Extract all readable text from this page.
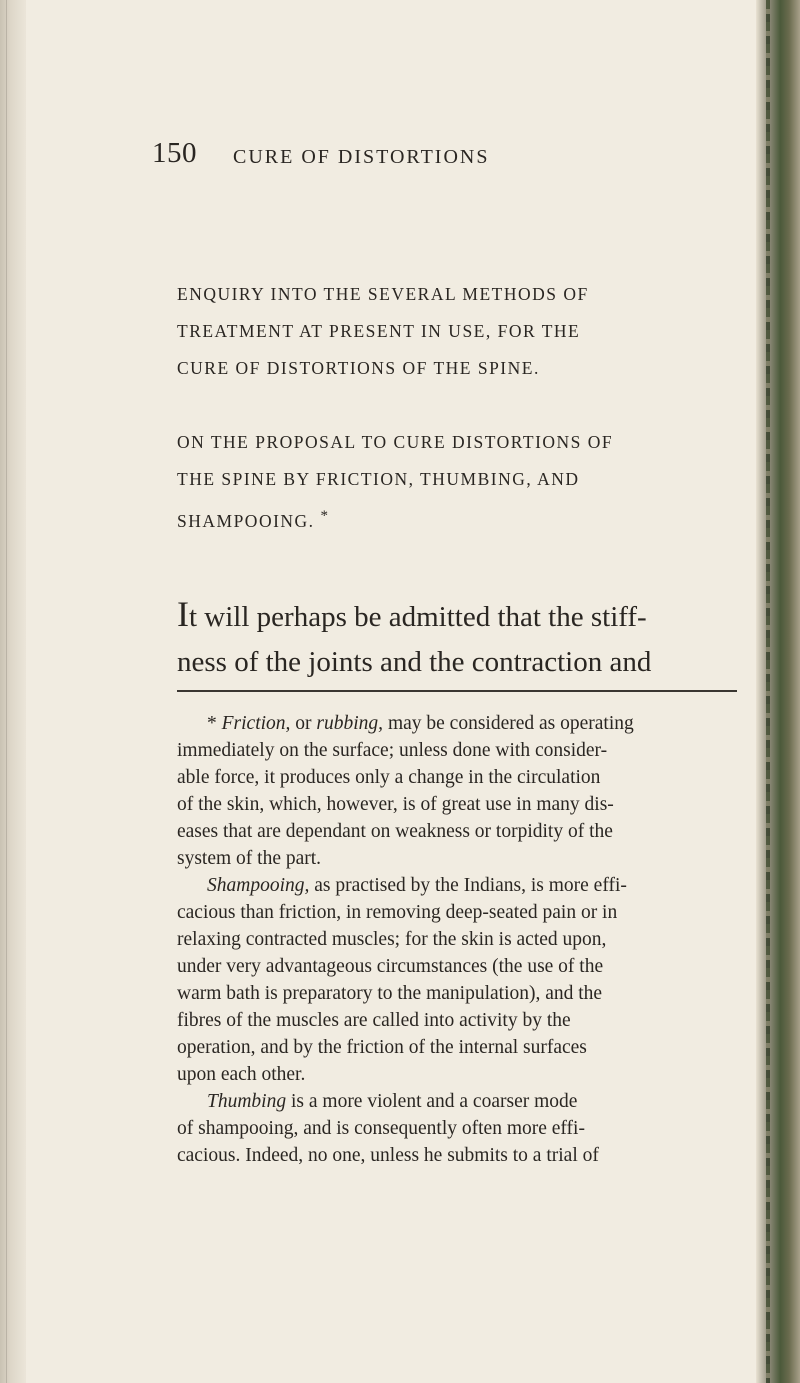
150 CURE OF DISTORTIONS
ENQUIRY INTO THE SEVERAL METHODS OF
TREATMENT AT PRESENT IN USE, FOR THE
CURE OF DISTORTIONS OF THE SPINE.
ON THE PROPOSAL TO CURE DISTORTIONS OF
THE SPINE BY FRICTION, THUMBING, AND
SHAMPOOING. *
It will perhaps be admitted that the stiff-
ness of the joints and the contraction and

* Friction, or rubbing, may be considered as operating
immediately on the surface; unless done with consider-
able force, it produces only a change in the circulation
of the skin, which, however, is of great use in many dis-
eases that are dependant on weakness or torpidity of the
system of the part.

Shampooing, as practised by the Indians, is more effi-
cacious than friction, in removing deep-seated pain or in
relaxing contracted muscles; for the skin is acted upon,
under very advantageous circumstances (the use of the
warm bath is preparatory to the manipulation), and the
fibres of the muscles are called into activity by the
operation, and by the friction of the internal surfaces
upon each other.

Thumbing is a more violent and a coarser mode
of shampooing, and is consequently often more effi-
cacious. Indeed, no one, unless he submits to a trial of
